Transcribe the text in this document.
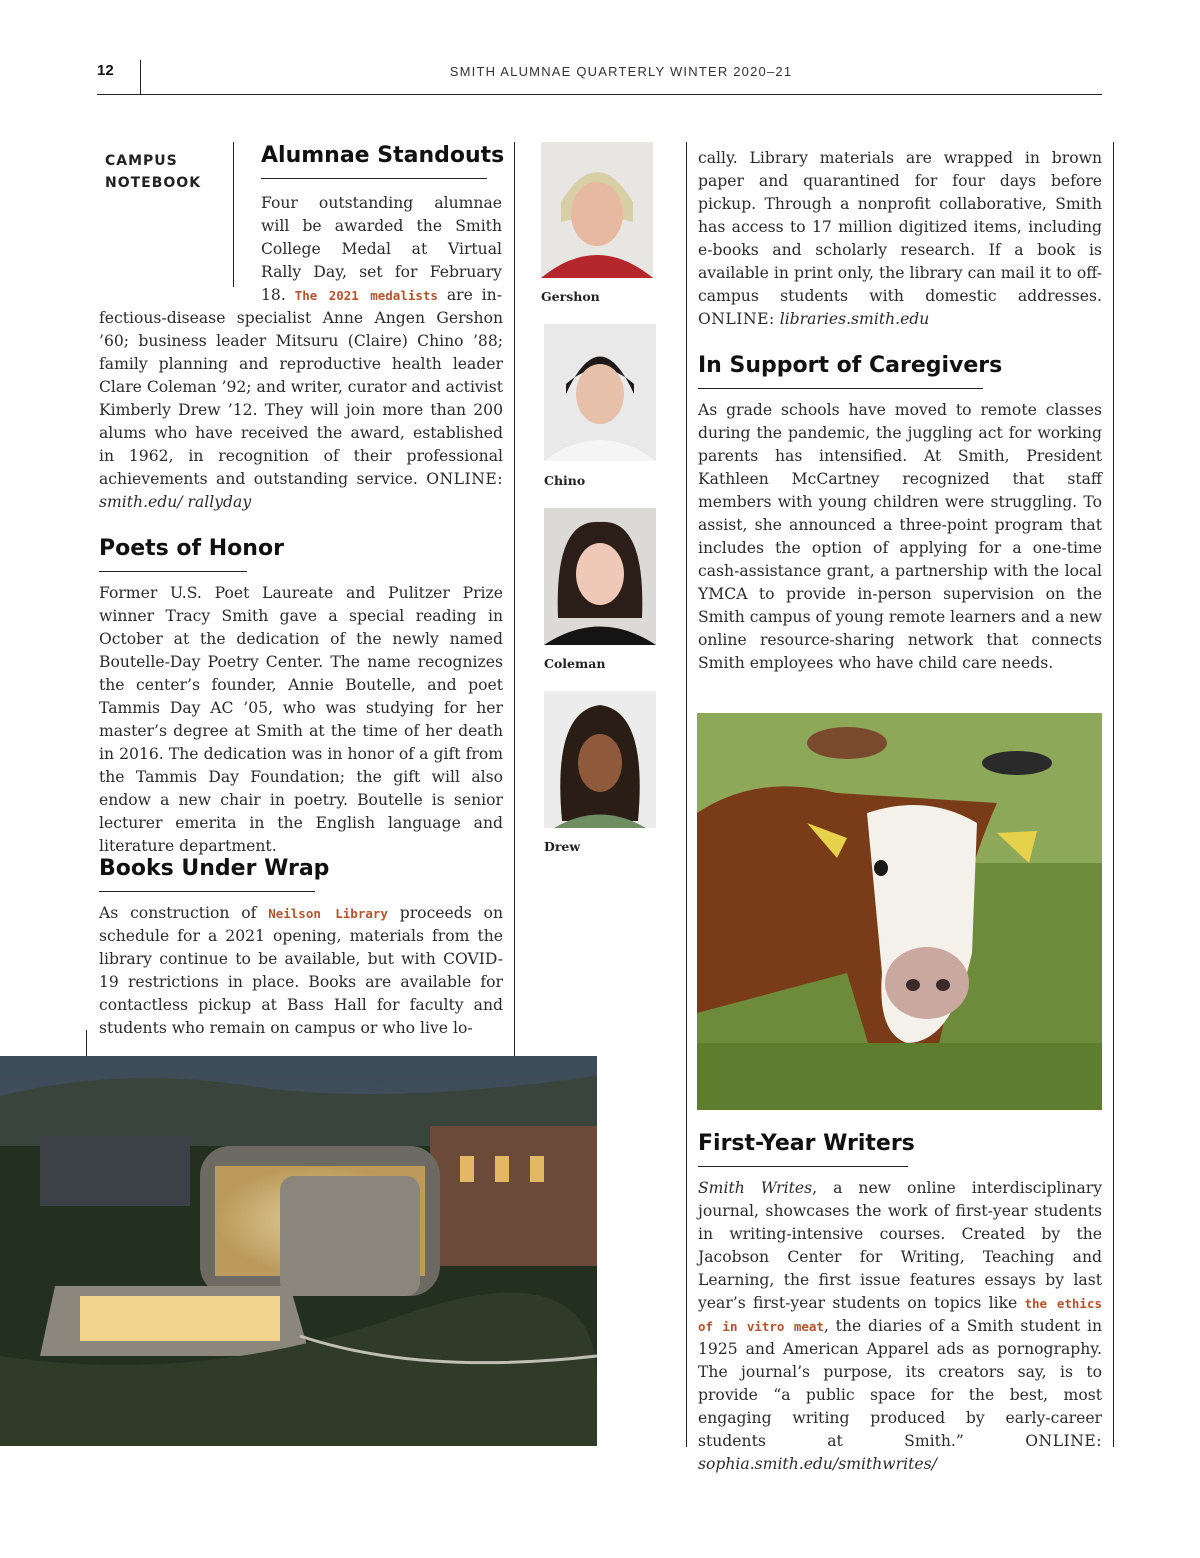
12	SMITH ALUMNAE QUARTERLY WINTER 2020–21
CAMPUS
NOTEBOOK
Alumnae Standouts
Four outstanding alumnae
will be awarded the Smith
College Medal at Virtual
Rally Day, set for February
18. The 2021 medalists are in-

fectious-disease specialist Anne Angen Gershon ’60; business leader Mitsuru (Claire) Chino ’88; family planning and reproductive health leader Clare Coleman ’92; and writer, curator and activist Kimberly Drew ’12. They will join more than 200 alums who have received the award, established in 1962, in recognition of their professional achievements and outstanding service. ONLINE: smith.edu/ rallyday

Poets of Honor
Former U.S. Poet Laureate and Pulitzer Prize winner Tracy Smith gave a special reading in October at the dedication of the newly named Boutelle-Day Poetry Center. The name recognizes the center’s founder, Annie Boutelle, and poet Tammis Day AC ’05, who was studying for her master’s degree at Smith at the time of her death in 2016. The dedication was in honor of a gift from the Tammis Day Foundation; the gift will also endow a new chair in poetry. Boutelle is senior lecturer emerita in the English language and literature department.
Books Under Wrap

As construction of Neilson Library proceeds on schedule for a 2021 opening, materials from the library continue to be available, but with COVID-19 restrictions in place. Books are available for contactless pickup at Bass Hall for faculty and students who remain on campus or who live lo-

Gershon
Chino
Coleman
Drew

cally. Library materials are wrapped in brown paper and quarantined for four days before pickup. Through a nonprofit collaborative, Smith has access to 17 million digitized items, including e-books and scholarly research. If a book is available in print only, the library can mail it to off-campus students with domestic addresses. ONLINE: libraries.smith.edu

In Support of Caregivers
As grade schools have moved to remote classes during the pandemic, the juggling act for working parents has intensified. At Smith, President Kathleen McCartney recognized that staff members with young children were struggling. To assist, she announced a three-point program that includes the option of applying for a one-time cash-assistance grant, a partnership with the local YMCA to provide in-person supervision on the Smith campus of young remote learners and a new online resource-sharing network that connects Smith employees who have child care needs.
First-Year Writers

Smith Writes, a new online interdisciplinary journal, showcases the work of first-year students in writing-intensive courses. Created by the Jacobson Center for Writing, Teaching and Learning, the first issue features essays by last year’s first-year students on topics like the ethics of in vitro meat, the diaries of a Smith student in 1925 and American Apparel ads as pornography. The journal’s purpose, its creators say, is to provide “a public space for the best, most engaging writing produced by early-career students at Smith.”	ONLINE: sophia.smith.edu/smithwrites/
